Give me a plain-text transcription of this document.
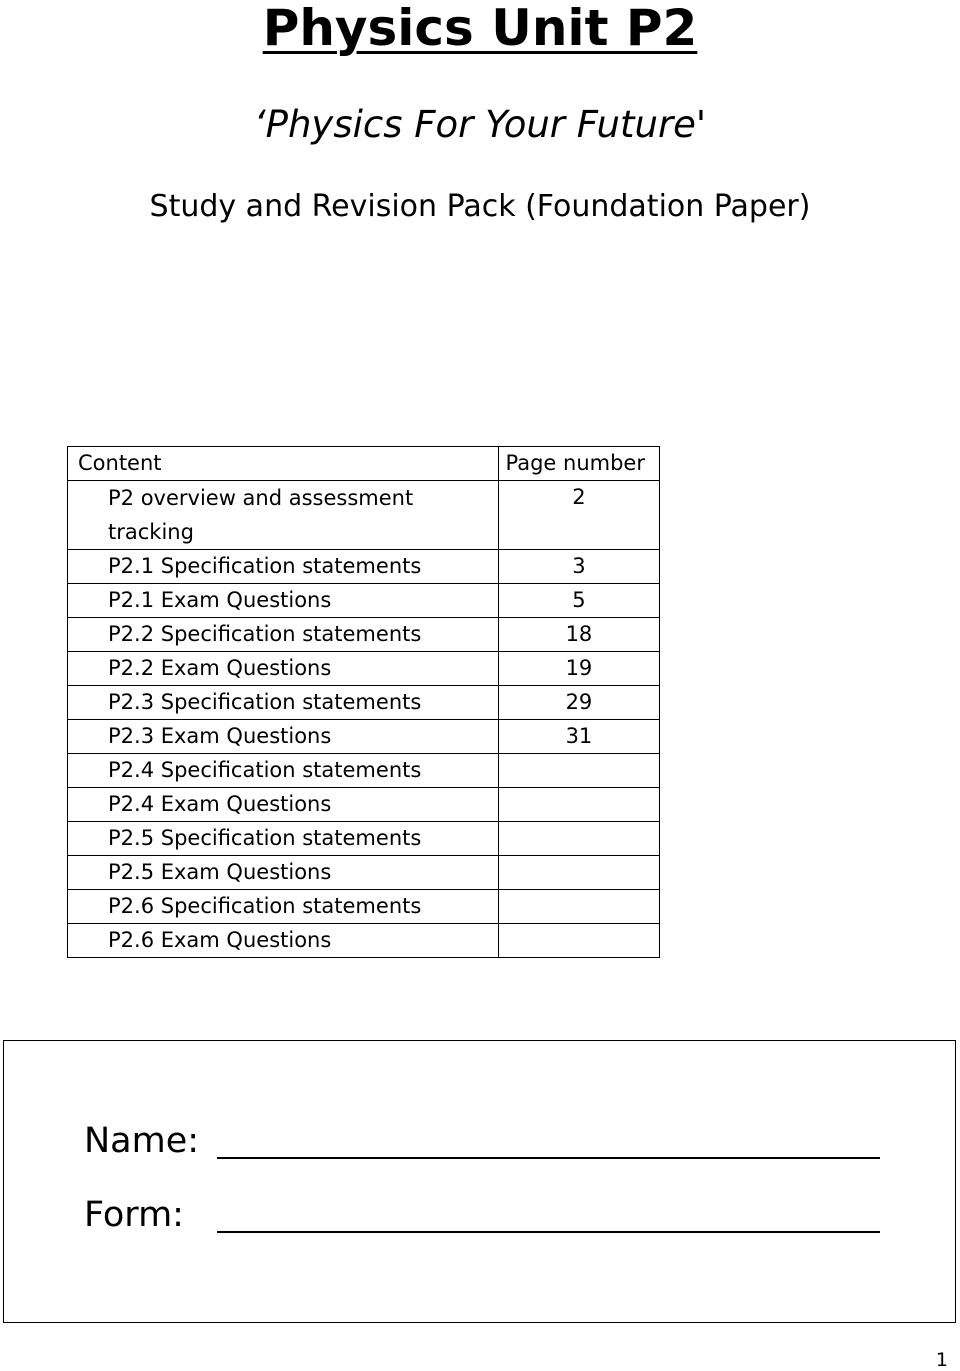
Physics Unit P2
‘Physics For Your Future'
Study and Revision Pack (Foundation Paper)
Content	Page number
P2 overview and assessment tracking	2
P2.1 Specification statements	3
P2.1 Exam Questions	5
P2.2 Specification statements	18
P2.2 Exam Questions	19
P2.3 Specification statements	29
P2.3 Exam Questions	31
P2.4 Specification statements	
P2.4 Exam Questions	
P2.5 Specification statements	
P2.5 Exam Questions	
P2.6 Specification statements	
P2.6 Exam Questions	
Name:
Form:
1
